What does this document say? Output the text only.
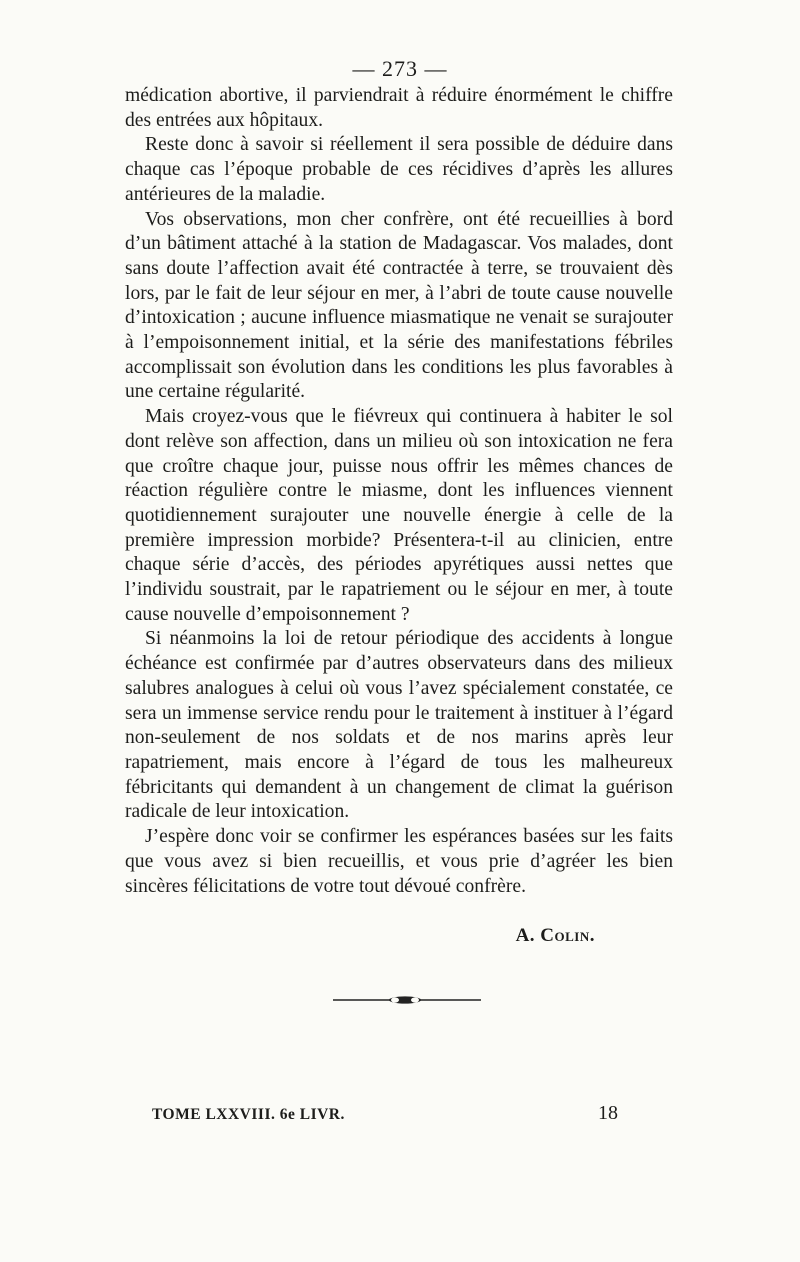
— 273 —

médication abortive, il parviendrait à réduire énormément le chiffre des entrées aux hôpitaux.

Reste donc à savoir si réellement il sera possible de déduire dans chaque cas l’époque probable de ces récidives d’après les allures antérieures de la maladie.

Vos observations, mon cher confrère, ont été recueillies à bord d’un bâtiment attaché à la station de Madagascar. Vos malades, dont sans doute l’affection avait été contractée à terre, se trouvaient dès lors, par le fait de leur séjour en mer, à l’abri de toute cause nouvelle d’intoxication ; aucune influence miasmatique ne venait se surajouter à l’empoisonnement initial, et la série des manifestations fébriles accomplissait son évolution dans les conditions les plus favorables à une certaine régularité.

Mais croyez-vous que le fiévreux qui continuera à habiter le sol dont relève son affection, dans un milieu où son intoxication ne fera que croître chaque jour, puisse nous offrir les mêmes chances de réaction régulière contre le miasme, dont les influences viennent quotidiennement surajouter une nouvelle énergie à celle de la première impression morbide? Présentera-t-il au clinicien, entre chaque série d’accès, des périodes apyrétiques aussi nettes que l’individu soustrait, par le rapatriement ou le séjour en mer, à toute cause nouvelle d’empoisonnement ?

Si néanmoins la loi de retour périodique des accidents à longue échéance est confirmée par d’autres observateurs dans des milieux salubres analogues à celui où vous l’avez spécialement constatée, ce sera un immense service rendu pour le traitement à instituer à l’égard non-seulement de nos soldats et de nos marins après leur rapatriement, mais encore à l’égard de tous les malheureux fébricitants qui demandent à un changement de climat la guérison radicale de leur intoxication.

J’espère donc voir se confirmer les espérances basées sur les faits que vous avez si bien recueillis, et vous prie d’agréer les bien sincères félicitations de votre tout dévoué confrère.

A. Colin.
TOME LXXVIII. 6e LIVR.	18
